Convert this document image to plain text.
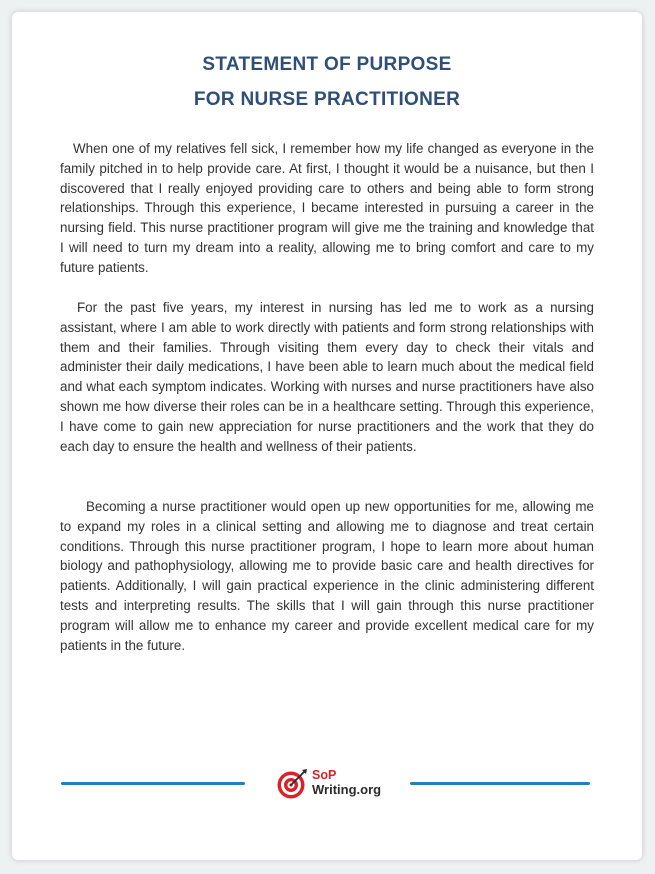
STATEMENT OF PURPOSE
FOR NURSE PRACTITIONER

When one of my relatives fell sick, I remember how my life changed as everyone in the family pitched in to help provide care. At first, I thought it would be a nuisance, but then I discovered that I really enjoyed providing care to others and being able to form strong relationships. Through this experience, I became interested in pursuing a career in the nursing field. This nurse practitioner program will give me the training and knowledge that I will need to turn my dream into a reality, allowing me to bring comfort and care to my future patients.

For the past five years, my interest in nursing has led me to work as a nursing assistant, where I am able to work directly with patients and form strong relationships with them and their families. Through visiting them every day to check their vitals and administer their daily medications, I have been able to learn much about the medical field and what each symptom indicates. Working with nurses and nurse practitioners have also shown me how diverse their roles can be in a healthcare setting. Through this experience, I have come to gain new appreciation for nurse practitioners and the work that they do each day to ensure the health and wellness of their patients.

Becoming a nurse practitioner would open up new opportunities for me, allowing me to expand my roles in a clinical setting and allowing me to diagnose and treat certain conditions. Through this nurse practitioner program, I hope to learn more about human biology and pathophysiology, allowing me to provide basic care and health directives for patients. Additionally, I will gain practical experience in the clinic administering different tests and interpreting results. The skills that I will gain through this nurse practitioner program will allow me to enhance my career and provide excellent medical care for my patients in the future.

SoP
Writing.org
